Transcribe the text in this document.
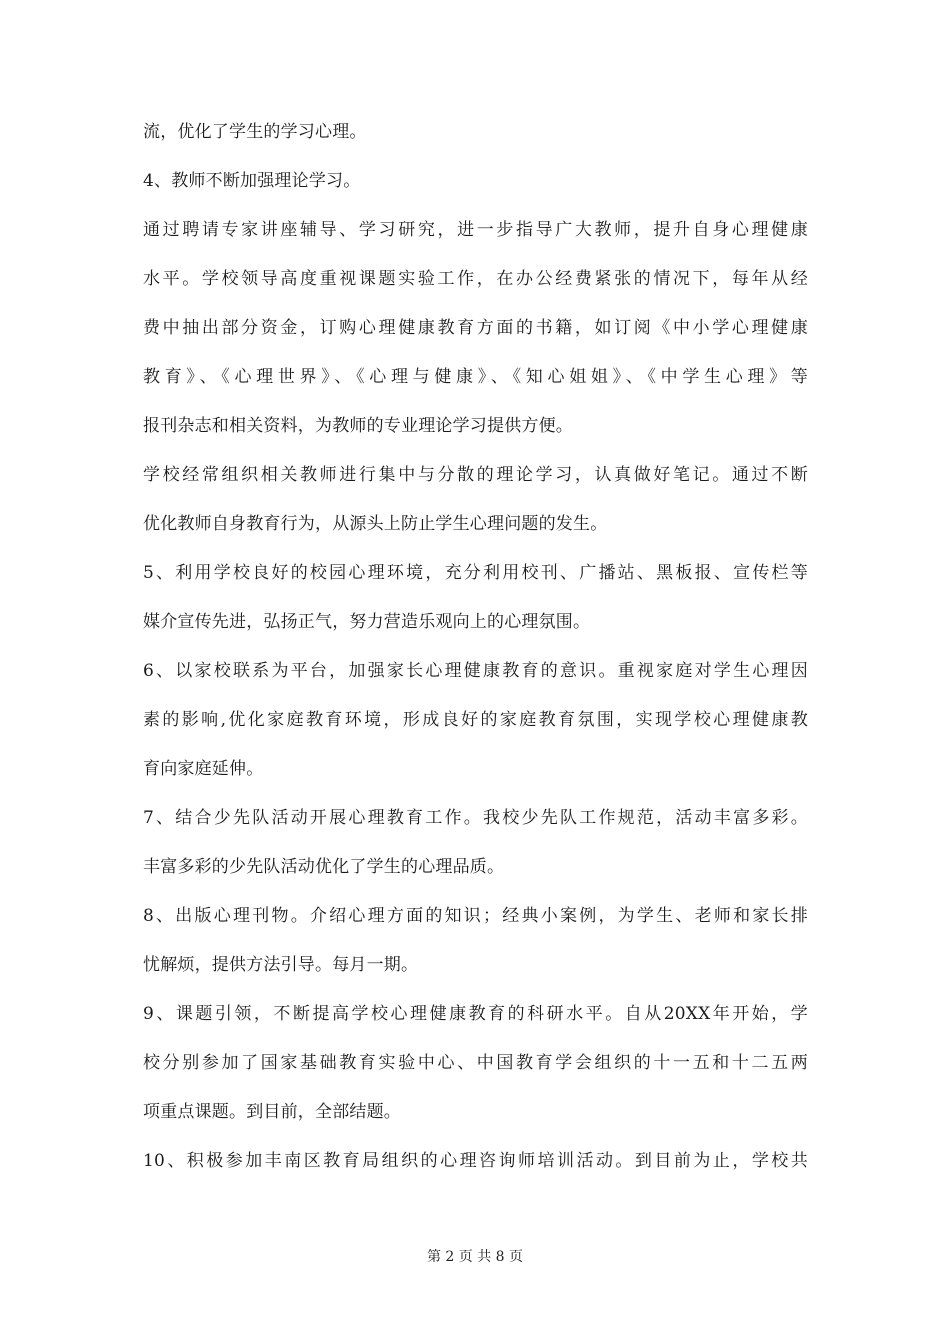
流，优化了学生的学习心理。
4、教师不断加强理论学习。
通过聘请专家讲座辅导、学习研究，进一步指导广大教师，提升自身心理健康
水平。学校领导高度重视课题实验工作，在办公经费紧张的情况下，每年从经
费中抽出部分资金，订购心理健康教育方面的书籍，如订阅《中小学心理健康
教育》、《心理世界》、《心理与健康》、《知心姐姐》、《中学生心理》等
报刊杂志和相关资料，为教师的专业理论学习提供方便。
学校经常组织相关教师进行集中与分散的理论学习，认真做好笔记。通过不断
优化教师自身教育行为，从源头上防止学生心理问题的发生。
5、利用学校良好的校园心理环境，充分利用校刊、广播站、黑板报、宣传栏等
媒介宣传先进，弘扬正气，努力营造乐观向上的心理氛围。
6、以家校联系为平台，加强家长心理健康教育的意识。重视家庭对学生心理因
素的影响,优化家庭教育环境，形成良好的家庭教育氛围，实现学校心理健康教
育向家庭延伸。
7、结合少先队活动开展心理教育工作。我校少先队工作规范，活动丰富多彩。
丰富多彩的少先队活动优化了学生的心理品质。
8、出版心理刊物。介绍心理方面的知识；经典小案例，为学生、老师和家长排
忧解烦，提供方法引导。每月一期。
9、课题引领，不断提高学校心理健康教育的科研水平。自从20XX年开始，学
校分别参加了国家基础教育实验中心、中国教育学会组织的十一五和十二五两
项重点课题。到目前，全部结题。
10、积极参加丰南区教育局组织的心理咨询师培训活动。到目前为止，学校共
第 2 页 共 8 页
